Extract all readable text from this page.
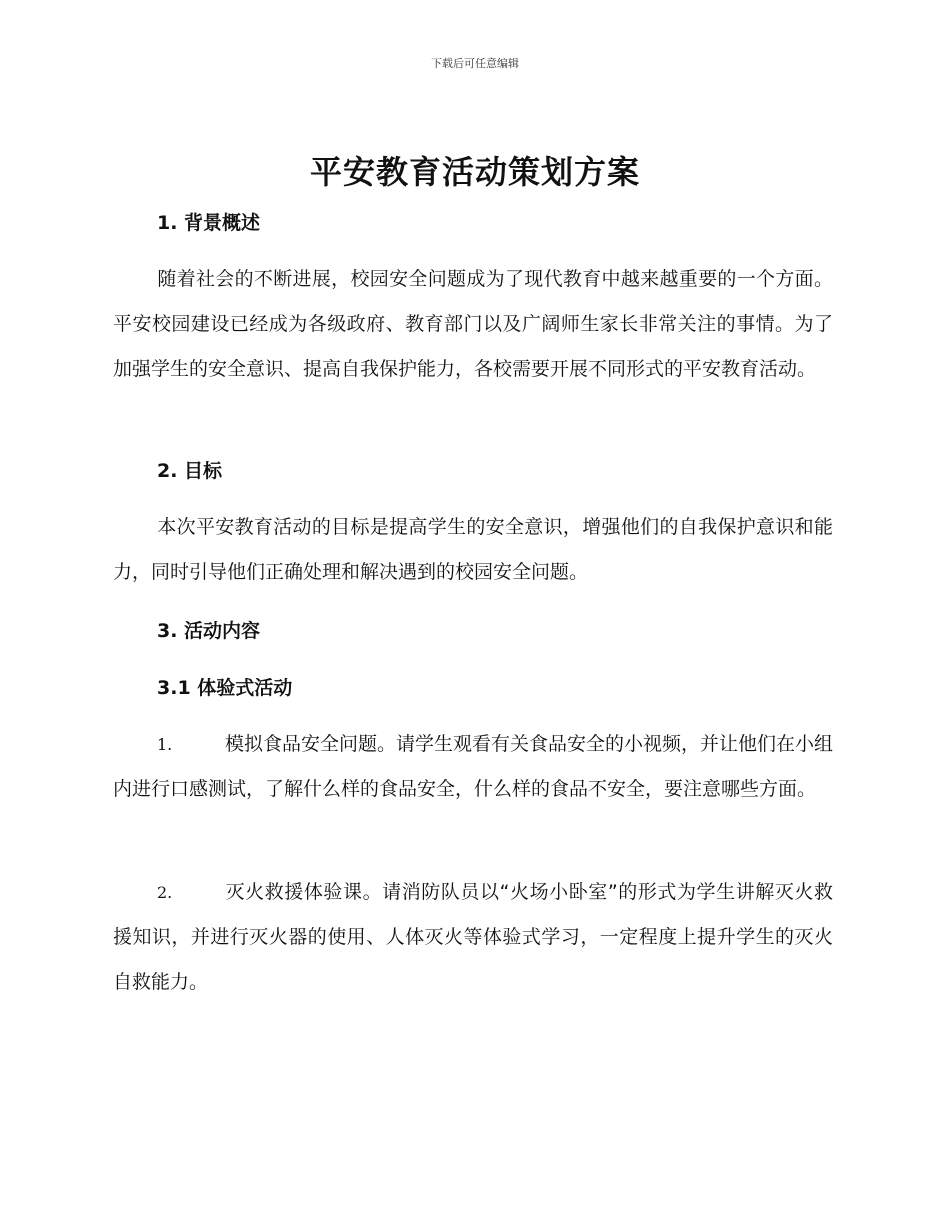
下载后可任意编辑
平安教育活动策划方案
1. 背景概述

随着社会的不断进展，校园安全问题成为了现代教育中越来越重要的一个方面。平安校园建设已经成为各级政府、教育部门以及广阔师生家长非常关注的事情。为了加强学生的安全意识、提高自我保护能力，各校需要开展不同形式的平安教育活动。

2. 目标

本次平安教育活动的目标是提高学生的安全意识，增强他们的自我保护意识和能力，同时引导他们正确处理和解决遇到的校园安全问题。

3. 活动内容
3.1 体验式活动

1.	模拟食品安全问题。请学生观看有关食品安全的小视频，并让他们在小组内进行口感测试，了解什么样的食品安全，什么样的食品不安全，要注意哪些方面。

2.	灭火救援体验课。请消防队员以“火场小卧室”的形式为学生讲解灭火救援知识，并进行灭火器的使用、人体灭火等体验式学习，一定程度上提升学生的灭火自救能力。
